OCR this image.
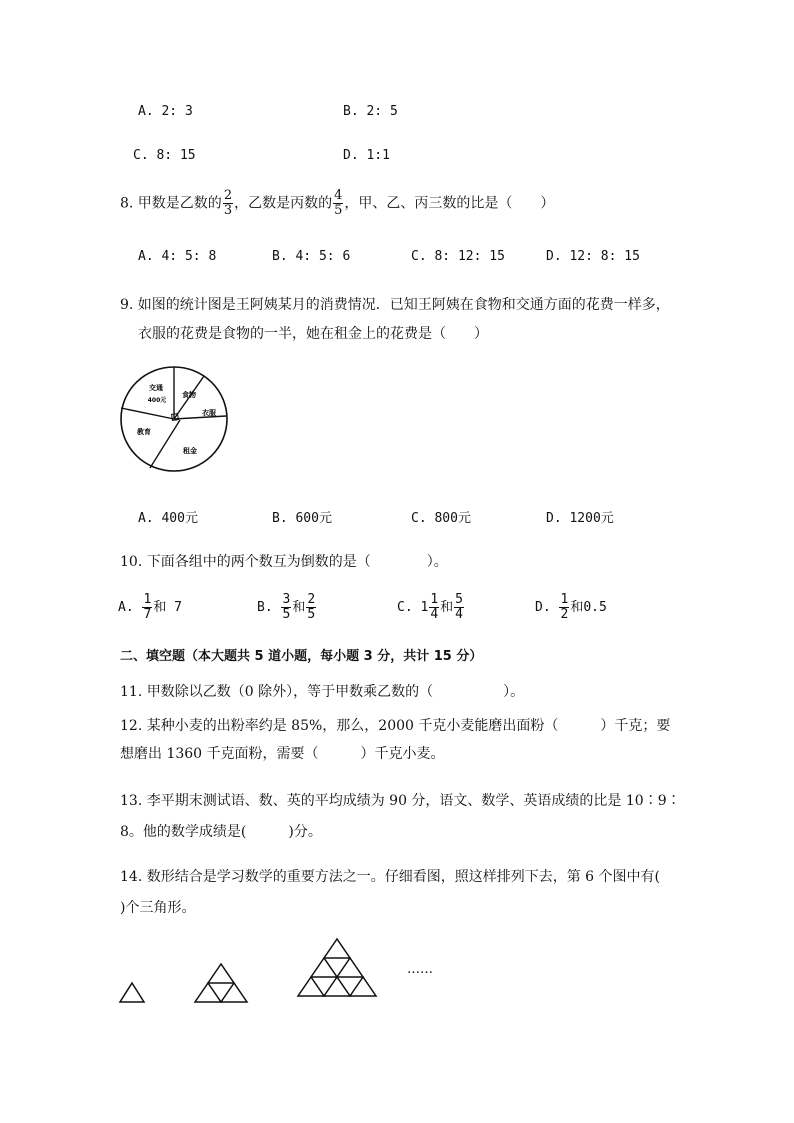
A. 2: 3	B. 2: 5
C. 8: 15	D. 1:1
8. 甲数是乙数的 $\frac{2}{3}$ ，乙数是丙数的 $\frac{4}{5}$ ，甲、乙、丙三数的比是（　　）
A. 4: 5: 8	B. 4: 5: 6	C. 8: 12: 15	D. 12: 8: 15
9. 如图的统计图是王阿姨某月的消费情况．已知王阿姨在食物和交通方面的花费一样多，
衣服的花费是食物的一半，她在租金上的花费是（　　）
交通
400元
食物
衣服
教育
租金
A. 400元	B. 600元	C. 800元	D. 1200元
10. 下面各组中的两个数互为倒数的是（　　　　）。
A. $\frac{1}{7}$ 和 7	B. $\frac{3}{5}$ 和 $\frac{2}{5}$	C. $1 \frac{1}{4}$ 和 $\frac{5}{4}$	D. $\frac{1}{2}$ 和0.5
二、填空题（本大题共 5 道小题，每小题 3 分，共计 15 分）
11. 甲数除以乙数（0 除外），等于甲数乘乙数的（　　　　　）。
12. 某种小麦的出粉率约是 85%，那么，2000 千克小麦能磨出面粉（　　　）千克；要
想磨出 1360 千克面粉，需要（　　　）千克小麦。
13. 李平期末测试语、数、英的平均成绩为 90 分，语文、数学、英语成绩的比是 10∶9∶
8。他的数学成绩是(　　　)分。
14. 数形结合是学习数学的重要方法之一。仔细看图，照这样排列下去，第 6 个图中有(
)个三角形。
……
